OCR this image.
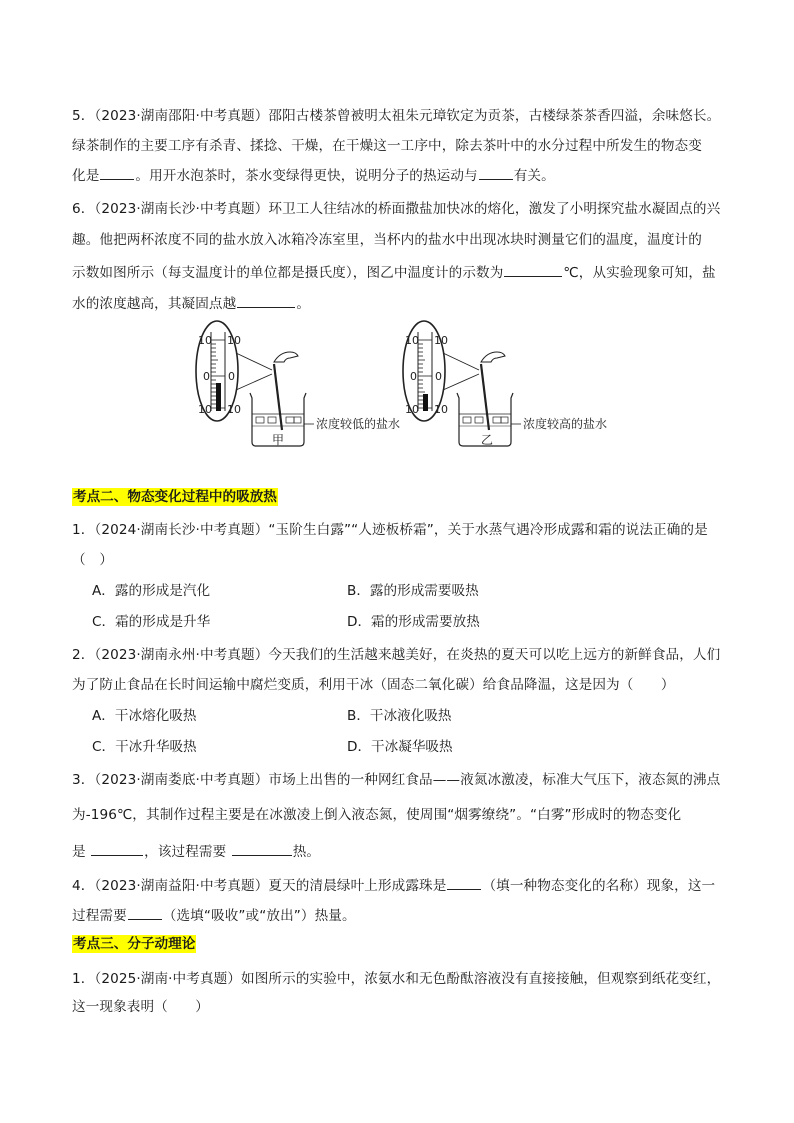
5．（2023·湖南邵阳·中考真题）邵阳古楼茶曾被明太祖朱元璋钦定为贡茶，古楼绿茶茶香四溢，余味悠长。
绿茶制作的主要工序有杀青、揉捻、干燥，在干燥这一工序中，除去茶叶中的水分过程中所发生的物态变
化是	。用开水泡茶时，茶水变绿得更快，说明分子的热运动与	有关。
6．（2023·湖南长沙·中考真题）环卫工人往结冰的桥面撒盐加快冰的熔化，激发了小明探究盐水凝固点的兴
趣。他把两杯浓度不同的盐水放入冰箱冷冻室里，当杯内的盐水中出现冰块时测量它们的温度，温度计的
示数如图所示（每支温度计的单位都是摄氏度），图乙中温度计的示数为	℃，从实验现象可知，盐
水的浓度越高，其凝固点越	。
10 10
0 0
10 10
浓度较低的盐水
甲
10 10
0 0
10 10
浓度较高的盐水
乙
考点二、物态变化过程中的吸放热
1．（2024·湖南长沙·中考真题）“玉阶生白露”“人迹板桥霜”，关于水蒸气遇冷形成露和霜的说法正确的是
（　）
A．露的形成是汽化	B．露的形成需要吸热
C．霜的形成是升华	D．霜的形成需要放热
2．（2023·湖南永州·中考真题）今天我们的生活越来越美好，在炎热的夏天可以吃上远方的新鲜食品，人们
为了防止食品在长时间运输中腐烂变质，利用干冰（固态二氧化碳）给食品降温，这是因为（　　）
A．干冰熔化吸热	B．干冰液化吸热
C．干冰升华吸热	D．干冰凝华吸热
3．（2023·湖南娄底·中考真题）市场上出售的一种网红食品——液氮冰激凌，标准大气压下，液态氮的沸点
为-196℃，其制作过程主要是在冰激凌上倒入液态氮，使周围“烟雾缭绕”。“白雾”形成时的物态变化
是	，该过程需要	热。
4．（2023·湖南益阳·中考真题）夏天的清晨绿叶上形成露珠是	（填一种物态变化的名称）现象，这一
过程需要	（选填“吸收”或“放出”）热量。
考点三、分子动理论
1．（2025·湖南·中考真题）如图所示的实验中，浓氨水和无色酚酞溶液没有直接接触，但观察到纸花变红，
这一现象表明（　　）
